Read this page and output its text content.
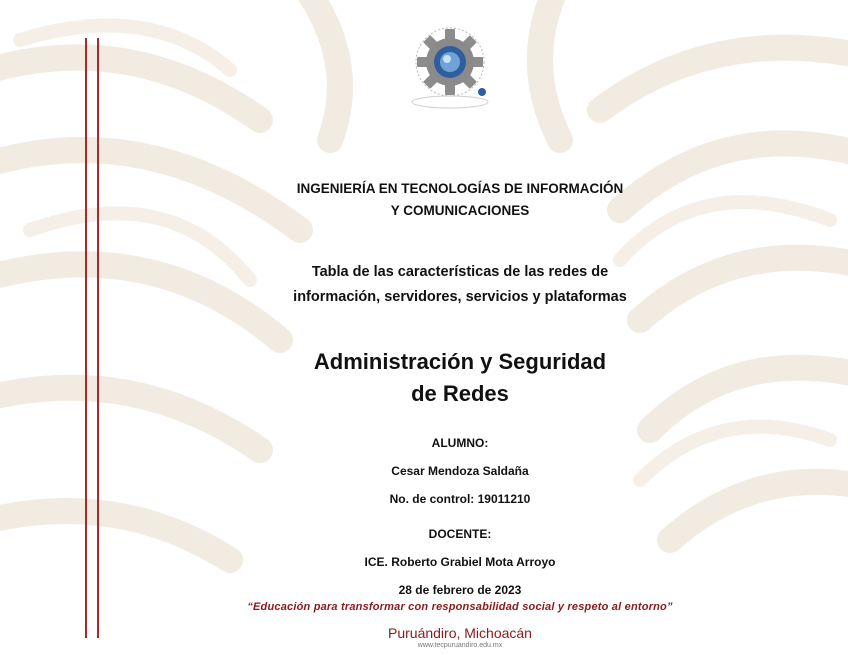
INGENIERÍA EN TECNOLOGÍAS DE INFORMACIÓN
Y COMUNICACIONES
Tabla de las características de las redes de
información, servidores, servicios y plataformas
Administración y Seguridad
de Redes
ALUMNO:
Cesar Mendoza Saldaña
No. de control: 19011210
DOCENTE:
ICE. Roberto Grabiel Mota Arroyo
28 de febrero de 2023
“Educación para transformar con responsabilidad social y respeto al entorno”
Puruándiro, Michoacán
www.tecpuruandiro.edu.mx
